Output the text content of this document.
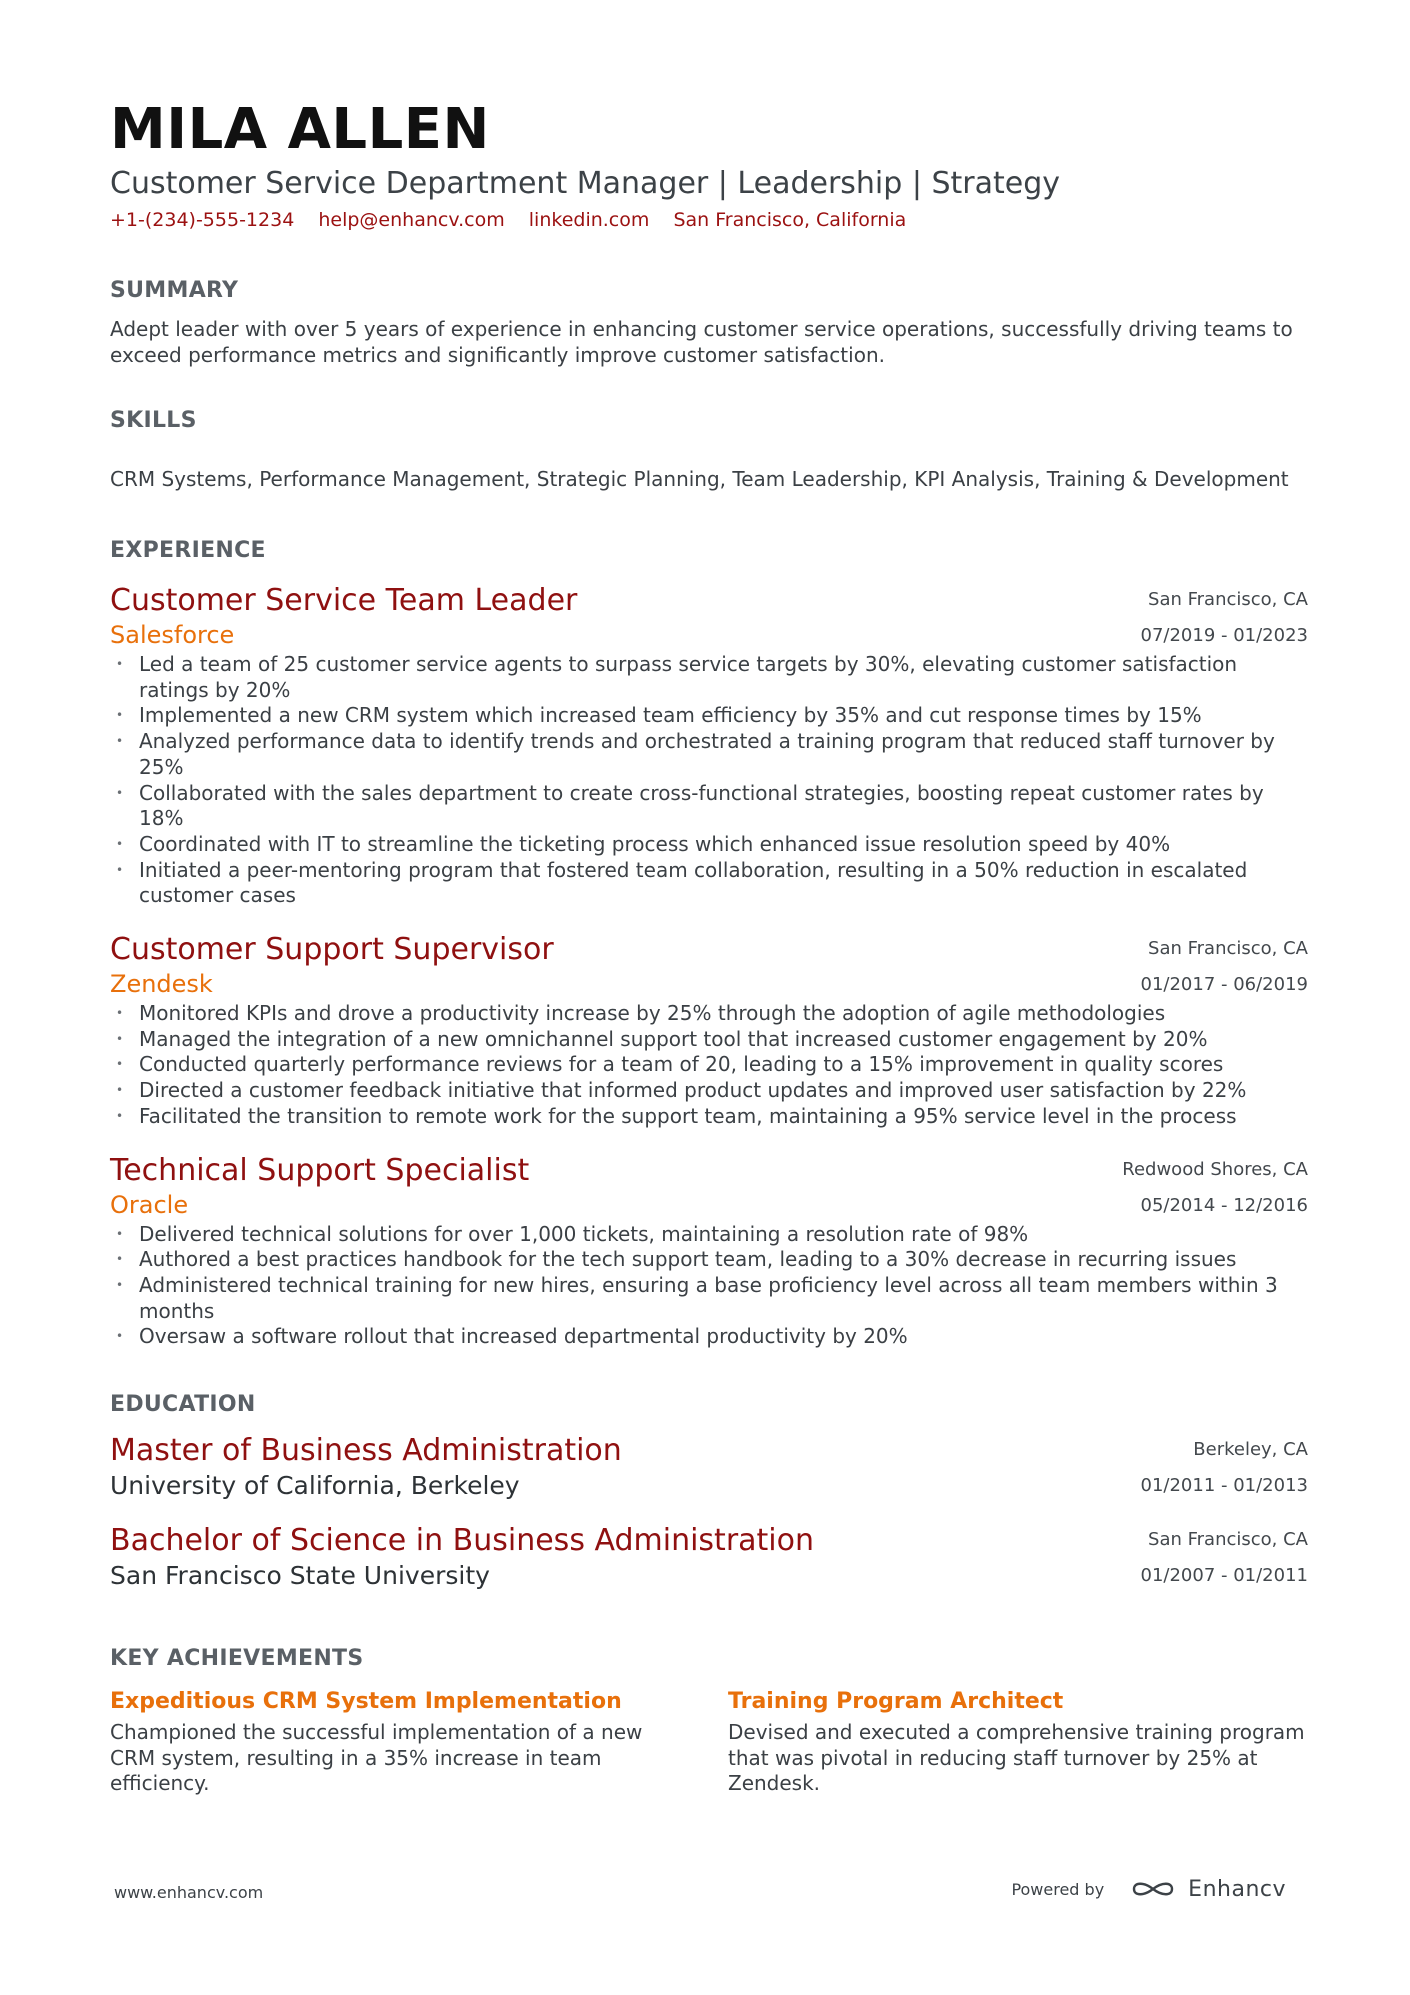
MILA ALLEN
Customer Service Department Manager | Leadership | Strategy
+1-(234)-555-1234 help@enhancv.com linkedin.com San Francisco, California
SUMMARY
Adept leader with over 5 years of experience in enhancing customer service operations, successfully driving teams to exceed performance metrics and significantly improve customer satisfaction.
SKILLS
CRM Systems, Performance Management, Strategic Planning, Team Leadership, KPI Analysis, Training & Development
EXPERIENCE
Customer Service Team Leader
Salesforce
San Francisco, CA
07/2019 - 01/2023
• Led a team of 25 customer service agents to surpass service targets by 30%, elevating customer satisfaction ratings by 20%
• Implemented a new CRM system which increased team efficiency by 35% and cut response times by 15%
• Analyzed performance data to identify trends and orchestrated a training program that reduced staff turnover by 25%
• Collaborated with the sales department to create cross-functional strategies, boosting repeat customer rates by 18%
• Coordinated with IT to streamline the ticketing process which enhanced issue resolution speed by 40%
• Initiated a peer-mentoring program that fostered team collaboration, resulting in a 50% reduction in escalated customer cases
Customer Support Supervisor
Zendesk
San Francisco, CA
01/2017 - 06/2019
• Monitored KPIs and drove a productivity increase by 25% through the adoption of agile methodologies
• Managed the integration of a new omnichannel support tool that increased customer engagement by 20%
• Conducted quarterly performance reviews for a team of 20, leading to a 15% improvement in quality scores
• Directed a customer feedback initiative that informed product updates and improved user satisfaction by 22%
• Facilitated the transition to remote work for the support team, maintaining a 95% service level in the process
Technical Support Specialist
Oracle
Redwood Shores, CA
05/2014 - 12/2016
• Delivered technical solutions for over 1,000 tickets, maintaining a resolution rate of 98%
• Authored a best practices handbook for the tech support team, leading to a 30% decrease in recurring issues
• Administered technical training for new hires, ensuring a base proficiency level across all team members within 3 months
• Oversaw a software rollout that increased departmental productivity by 20%
EDUCATION
Master of Business Administration
University of California, Berkeley
Berkeley, CA
01/2011 - 01/2013
Bachelor of Science in Business Administration
San Francisco State University
San Francisco, CA
01/2007 - 01/2011
KEY ACHIEVEMENTS
Expeditious CRM System Implementation
Championed the successful implementation of a new CRM system, resulting in a 35% increase in team efficiency.
Training Program Architect
Devised and executed a comprehensive training program that was pivotal in reducing staff turnover by 25% at Zendesk.
www.enhancv.com	Powered by	Enhancv
